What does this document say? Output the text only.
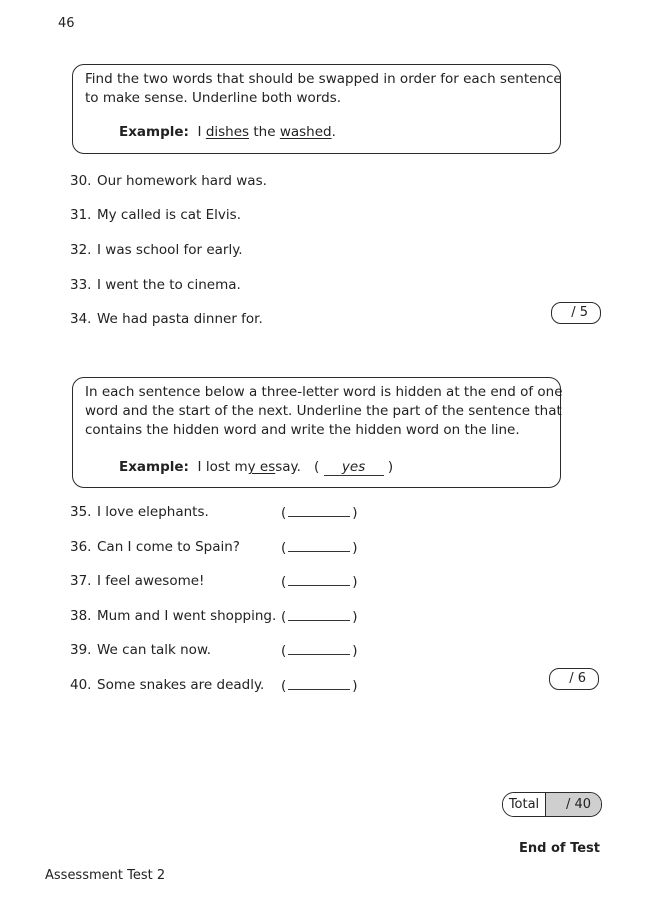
46
Find the two words that should be swapped in order for each sentence
to make sense. Underline both words.
Example: I dishes the washed.
30. Our homework hard was.
31. My called is cat Elvis.
32. I was school for early.
33. I went the to cinema.
34. We had pasta dinner for.	/ 5
In each sentence below a three-letter word is hidden at the end of one
word and the start of the next. Underline the part of the sentence that
contains the hidden word and write the hidden word on the line.
Example: I lost my essay. ( yes )
35. I love elephants.	(	)
36. Can I come to Spain?	(	)
37. I feel awesome!	(	)
38. Mum and I went shopping. (	)
39. We can talk now.	(	)
40. Some snakes are deadly. (	)	/ 6
Total	/ 40
End of Test
Assessment Test 2
